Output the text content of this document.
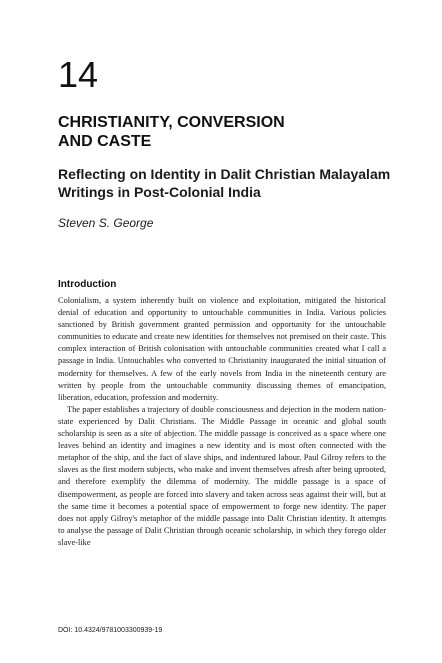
14
CHRISTIANITY, CONVERSION
AND CASTE
Reflecting on Identity in Dalit Christian Malayalam
Writings in Post-Colonial India

Steven S. George

Introduction

Colonialism, a system inherently built on violence and exploitation, mitigated the historical denial of education and opportunity to untouchable communities in India. Various policies sanctioned by British government granted permission and opportunity for the untouchable communities to educate and create new identities for themselves not premised on their caste. This complex interaction of British colonisation with untouchable communities created what I call a passage in India. Untouchables who converted to Christianity inaugurated the initial situation of modernity for themselves. A few of the early novels from India in the nineteenth century are written by people from the untouchable community discussing themes of emancipation, liberation, education, profession and modernity.

The paper establishes a trajectory of double consciousness and dejection in the modern nation-state experienced by Dalit Christians. The Middle Passage in oceanic and global south scholarship is seen as a site of abjection. The middle passage is conceived as a space where one leaves behind an identity and imagines a new identity and is most often connected with the metaphor of the ship, and the fact of slave ships, and indentured labour. Paul Gilroy refers to the slaves as the first modern subjects, who make and invent themselves afresh after being uprooted, and therefore exemplify the dilemma of modernity. The middle passage is a space of disempowerment, as people are forced into slavery and taken across seas against their will, but at the same time it becomes a potential space of empowerment to forge new identity. The paper does not apply Gilroy's metaphor of the middle passage into Dalit Christian identity. It attempts to analyse the passage of Dalit Christian through oceanic scholarship, in which they forego older slave-like

DOI: 10.4324/9781003300939-19
